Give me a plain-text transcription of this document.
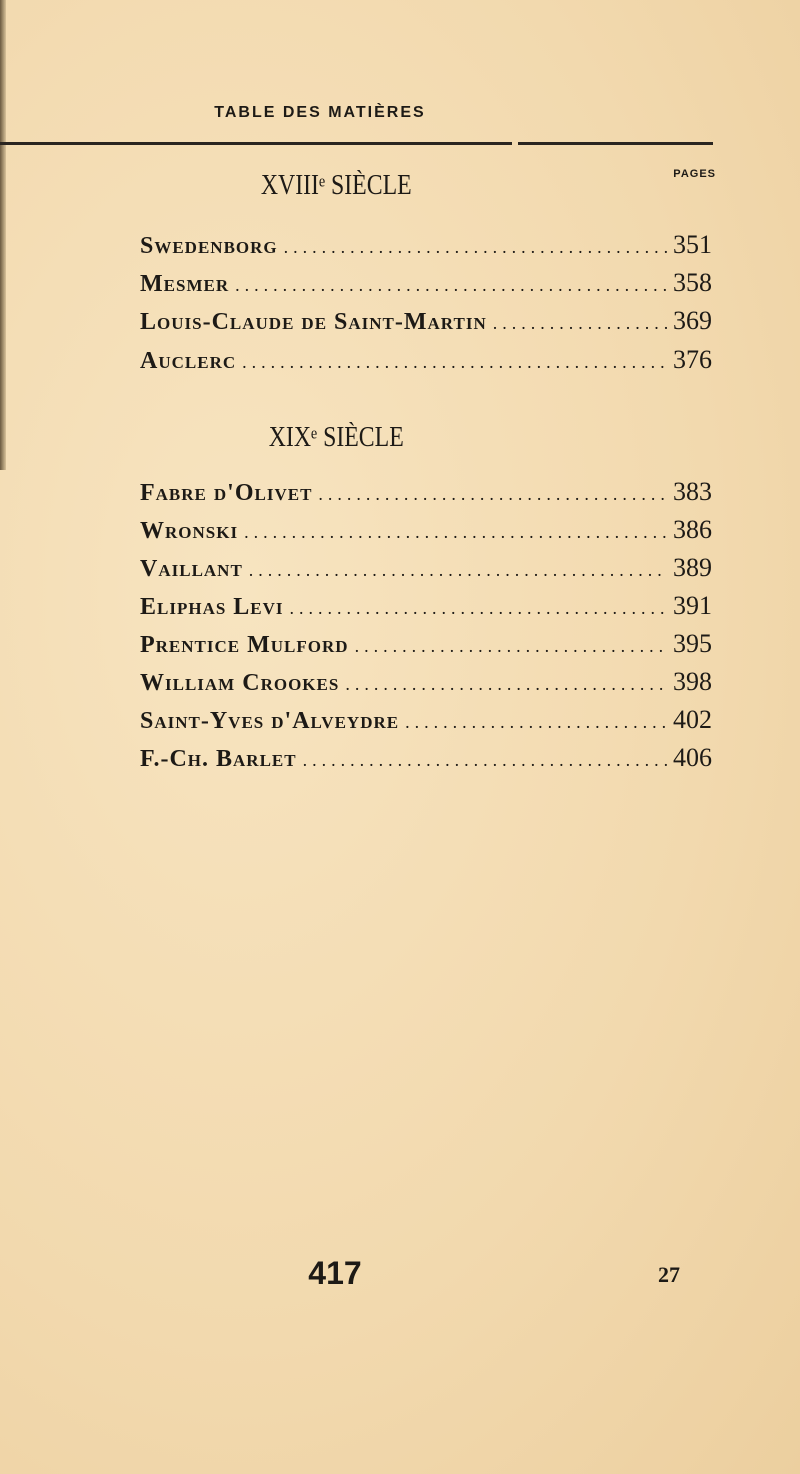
TABLE DES MATIÈRES
PAGES
XVIIIᵉ SIÈCLE
Swedenborg .....	351
Mesmer .....	358
Louis-Claude de Saint-Martin .....	369
Auclerc .....	376
XIXᵉ SIÈCLE
Fabre d'Olivet .....	383
Wronski .....	386
Vaillant .....	389
Eliphas Levi .....	391
Prentice Mulford .....	395
William Crookes .....	398
Saint-Yves d'Alveydre .....	402
F.-Ch. Barlet .....	406
417	27
